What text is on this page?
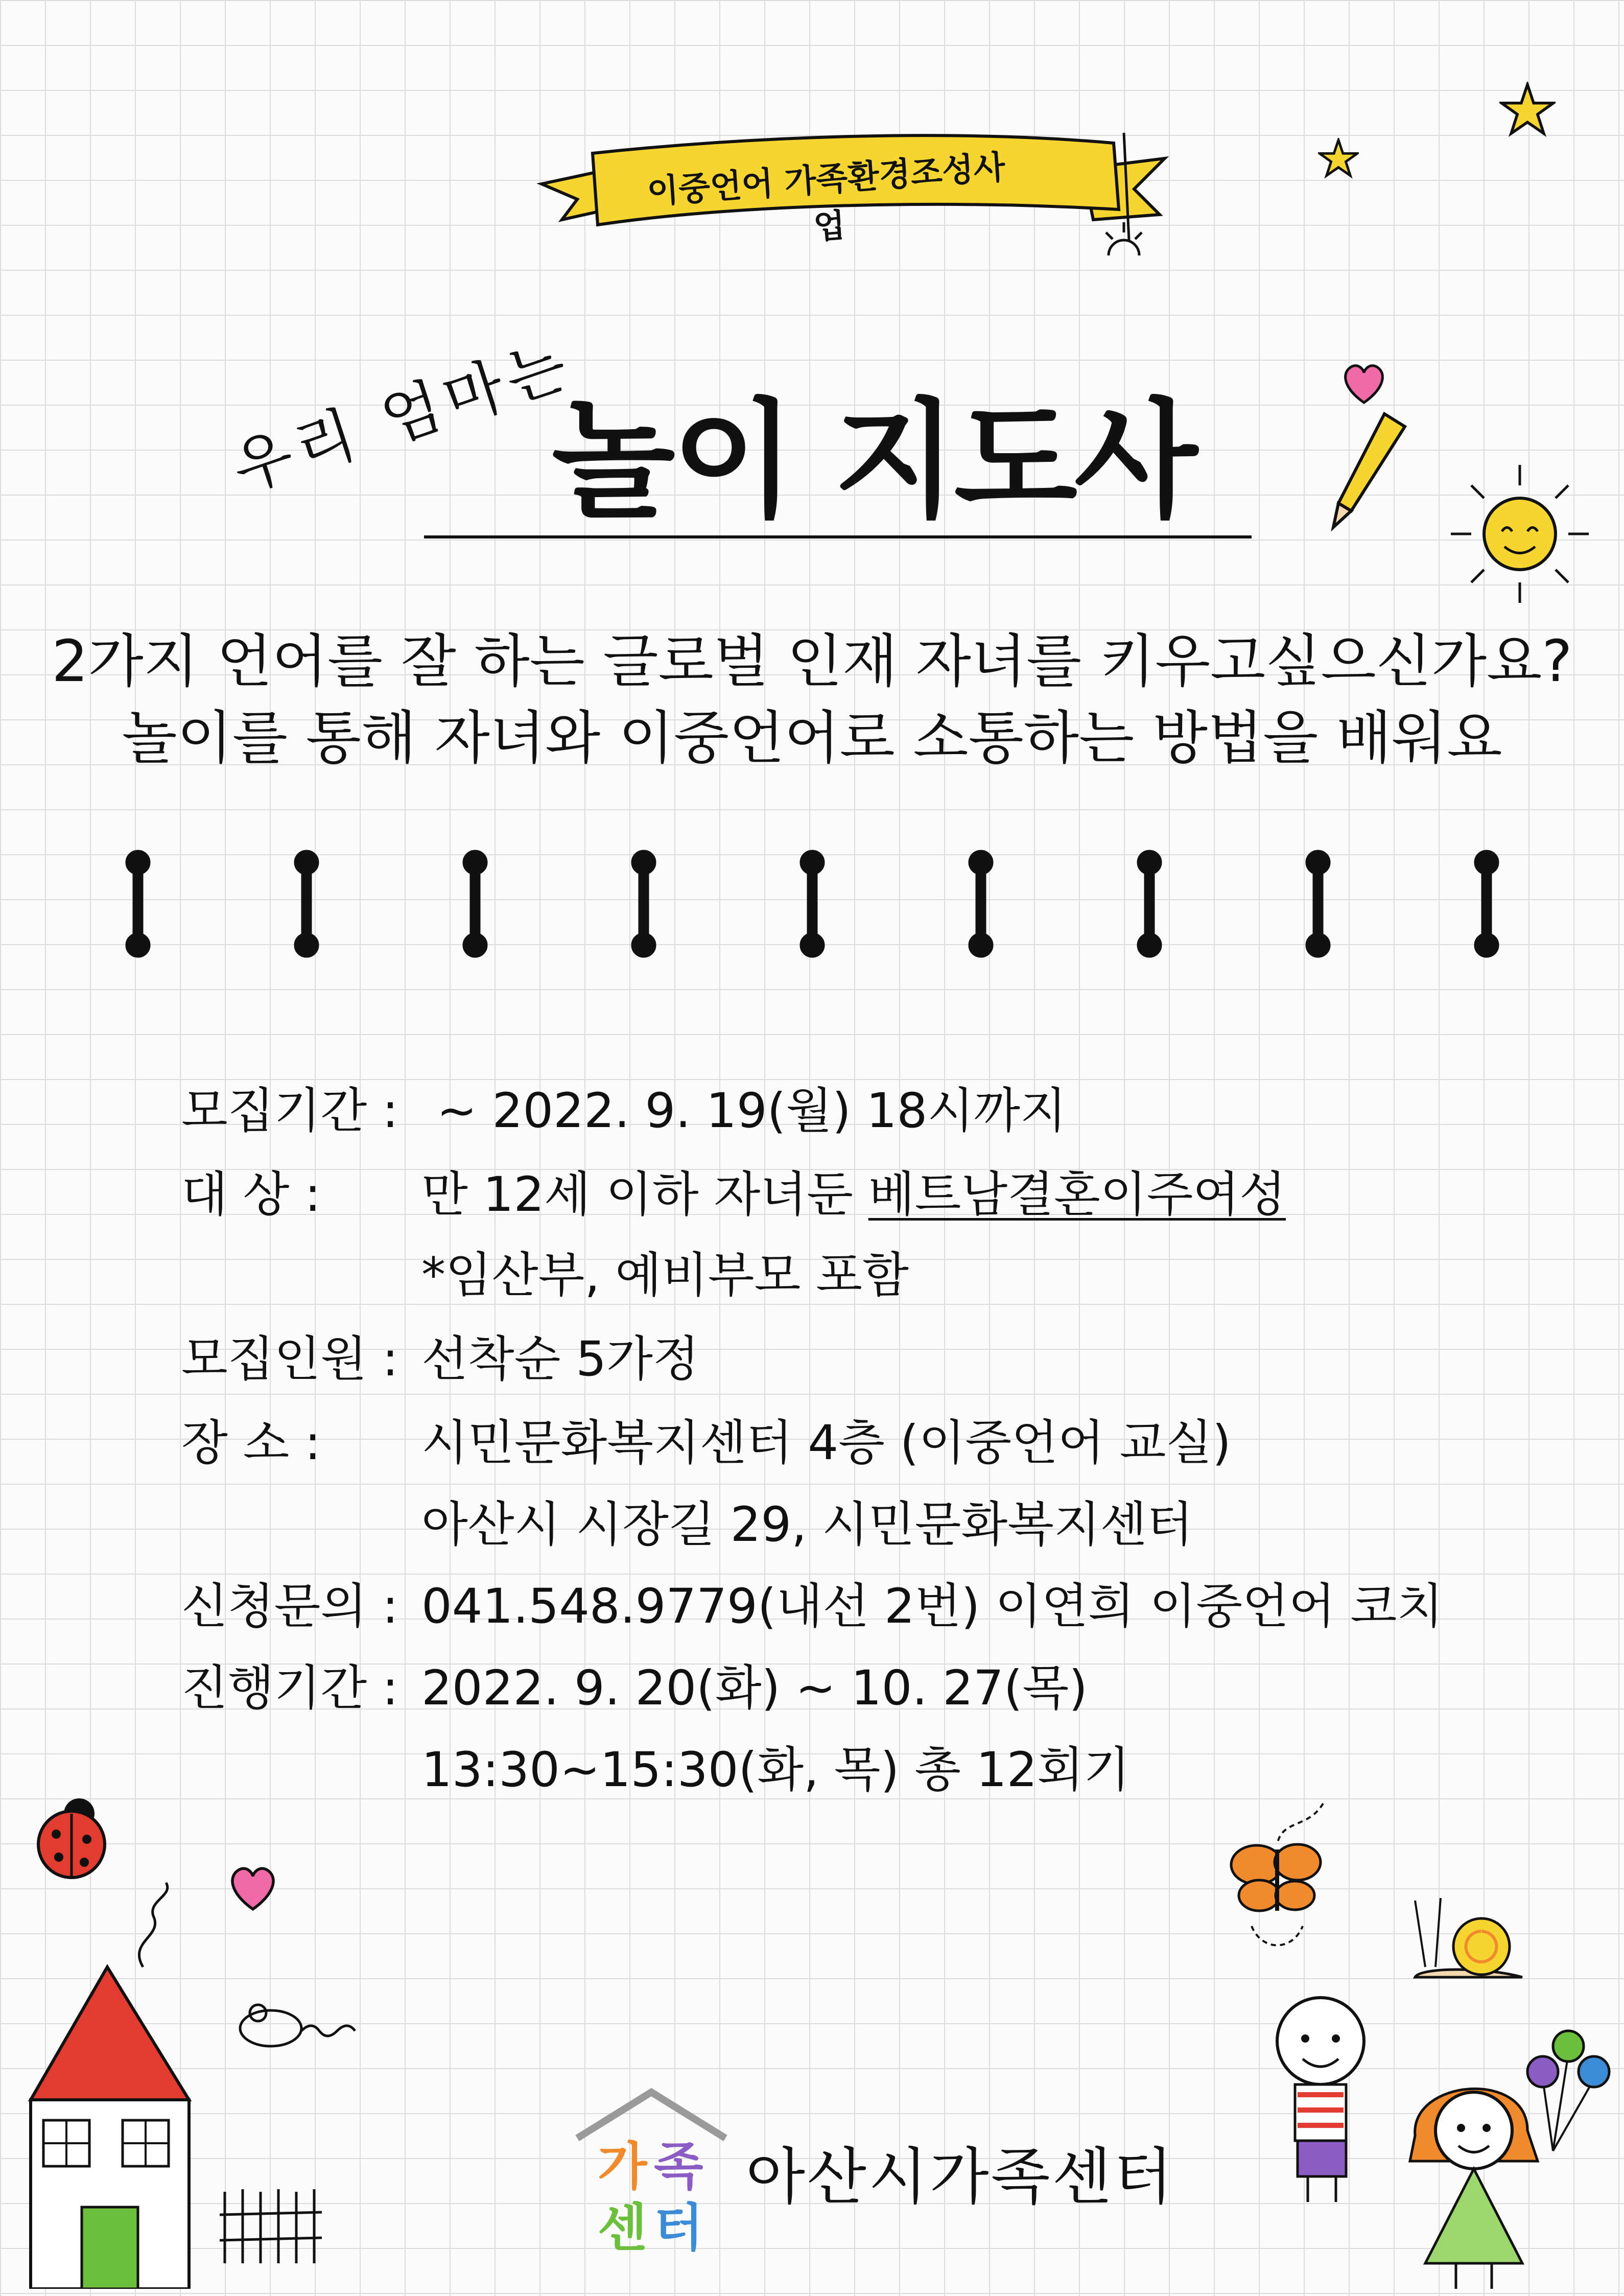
이중언어 가족환경조성사업
우리 엄마는
놀이 지도사
2가지 언어를 잘 하는 글로벌 인재 자녀를 키우고싶으신가요?
놀이를 통해 자녀와 이중언어로 소통하는 방법을 배워요
모집기간 : ~ 2022. 9. 19(월) 18시까지
대 상 : 만 12세 이하 자녀둔 베트남결혼이주여성
*임산부, 예비부모 포함
모집인원 : 선착순 5가정
장 소 : 시민문화복지센터 4층 (이중언어 교실)
아산시 시장길 29, 시민문화복지센터
신청문의 : 041.548.9779(내선 2번) 이연희 이중언어 코치
진행기간 : 2022. 9. 20(화) ~ 10. 27(목)
13:30~15:30(화, 목) 총 12회기
가 족
센 터
아산시가족센터
